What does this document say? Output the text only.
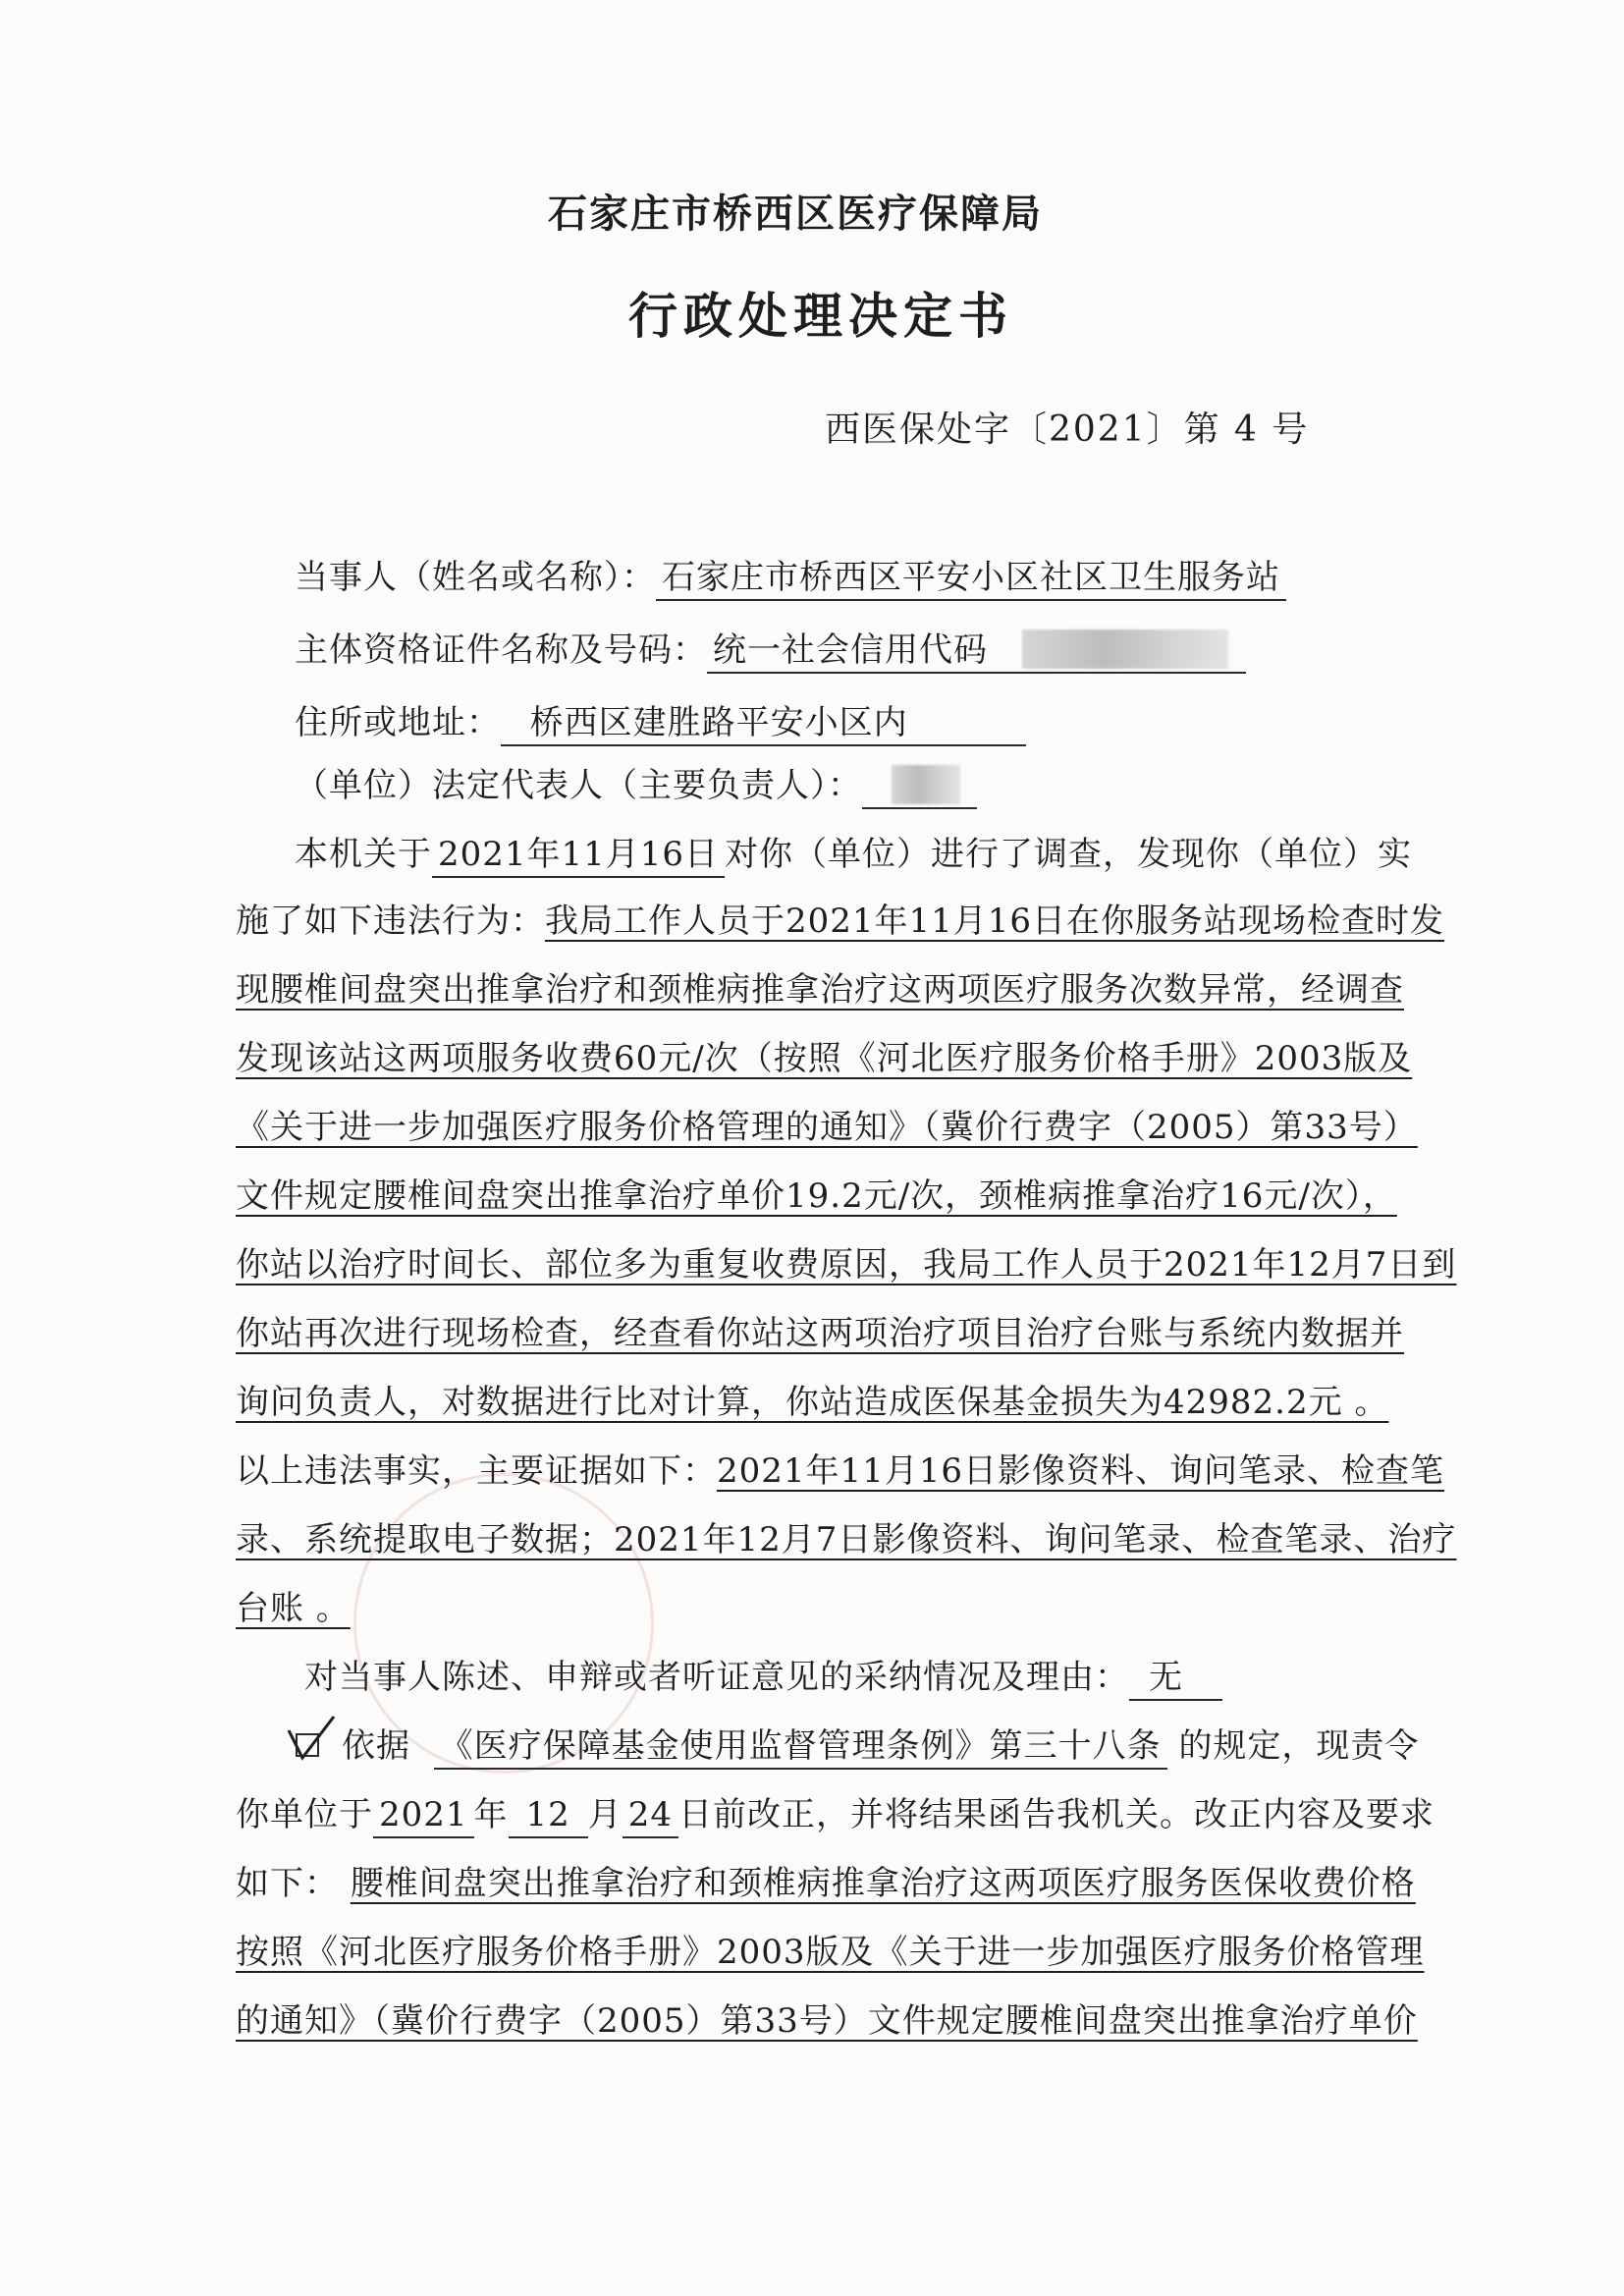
石家庄市桥西区医疗保障局
行政处理决定书
西医保处字〔2021〕第 4 号
当事人（姓名或名称）： 石家庄市桥西区平安小区社区卫生服务站
主体资格证件名称及号码： 统一社会信用代码
住所或地址： 桥西区建胜路平安小区内
（单位）法定代表人（主要负责人）：
本机关于 2021年11月16日 对你（单位）进行了调查，发现你（单位）实
施了如下违法行为：我局工作人员于2021年11月16日在你服务站现场检查时发
现腰椎间盘突出推拿治疗和颈椎病推拿治疗这两项医疗服务次数异常，经调查
发现该站这两项服务收费60元/次（按照《河北医疗服务价格手册》2003版及
《关于进一步加强医疗服务价格管理的通知》（冀价行费字（2005）第33号）
文件规定腰椎间盘突出推拿治疗单价19.2元/次，颈椎病推拿治疗16元/次），
你站以治疗时间长、部位多为重复收费原因，我局工作人员于2021年12月7日到
你站再次进行现场检查，经查看你站这两项治疗项目治疗台账与系统内数据并
询问负责人，对数据进行比对计算，你站造成医保基金损失为42982.2元 。
以上违法事实，主要证据如下：2021年11月16日影像资料、询问笔录、检查笔
录、系统提取电子数据；2021年12月7日影像资料、询问笔录、检查笔录、治疗
台账 。
对当事人陈述、申辩或者听证意见的采纳情况及理由： 无
依据 《医疗保障基金使用监督管理条例》第三十八条 的规定，现责令
你单位于 2021 年 12 月 24 日前改正，并将结果函告我机关。改正内容及要求
如下： 腰椎间盘突出推拿治疗和颈椎病推拿治疗这两项医疗服务医保收费价格
按照《河北医疗服务价格手册》2003版及《关于进一步加强医疗服务价格管理
的通知》（冀价行费字（2005）第33号）文件规定腰椎间盘突出推拿治疗单价
